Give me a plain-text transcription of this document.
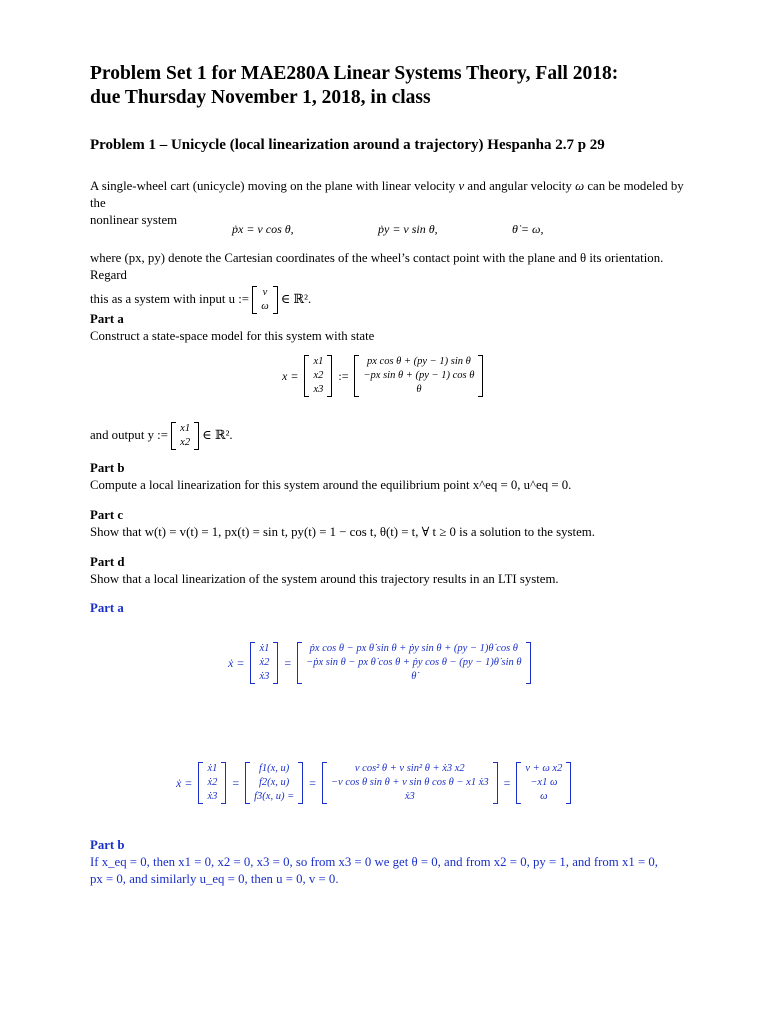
Problem Set 1 for MAE280A Linear Systems Theory, Fall 2018:
due Thursday November 1, 2018, in class
Problem 1 – Unicycle (local linearization around a trajectory) Hespanha 2.7 p 29
A single-wheel cart (unicycle) moving on the plane with linear velocity v and angular velocity ω can be modeled by the
nonlinear system
ṗx = v cos θ,	ṗy = v sin θ,	θ̇ = ω,
where (px, py) denote the Cartesian coordinates of the wheel’s contact point with the plane and θ its orientation. Regard
this as a system with input u := v
ω
∈ ℝ².
Part a
Construct a state-space model for this system with state
x =
x1
x2
x3
:=
px cos θ + (py − 1) sin θ
−px sin θ + (py − 1) cos θ
θ
and output y := x1
x2
∈ ℝ².
Part b
Compute a local linearization for this system around the equilibrium point x^eq = 0, u^eq = 0.
Part c
Show that w(t) = v(t) = 1, px(t) = sin t, py(t) = 1 − cos t, θ(t) = t, ∀ t ≥ 0 is a solution to the system.
Part d
Show that a local linearization of the system around this trajectory results in an LTI system.
Part a
ẋ =
ẋ1
ẋ2
ẋ3
=
ṗx cos θ − px θ̇ sin θ + ṗy sin θ + (py − 1)θ̇ cos θ
−ṗx sin θ − px θ̇ cos θ + ṗy cos θ − (py − 1)θ̇ sin θ
θ̇
ẋ =
ẋ1
ẋ2
ẋ3
=
f1(x, u)
f2(x, u)
f3(x, u) =
=
v cos² θ + v sin² θ + ẋ3 x2
−v cos θ sin θ + v sin θ cos θ − x1 ẋ3
ẋ3
=
v + ω x2
−x1 ω
ω
Part b
If x_eq = 0, then x1 = 0, x2 = 0, x3 = 0, so from x3 = 0 we get θ = 0, and from x2 = 0, py = 1, and from x1 = 0,
px = 0, and similarly u_eq = 0, then u = 0, v = 0.
